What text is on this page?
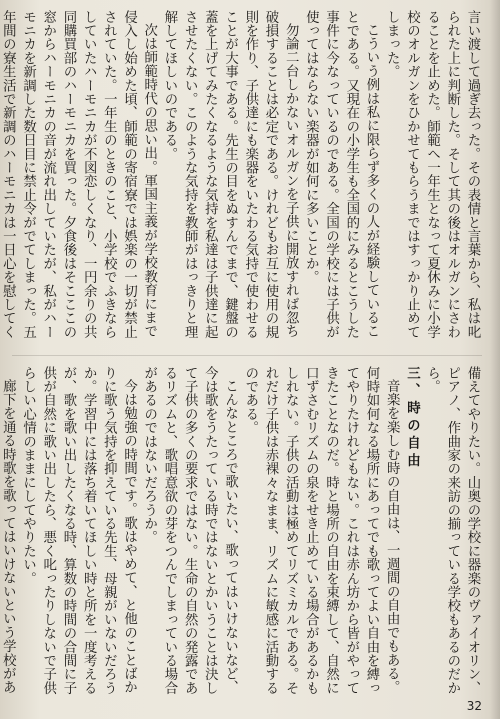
言い渡して過ぎ去った。その表情と言葉から、私は叱られた上に判断した。そして其の後はオルガンにさわることを止めた。師範へ一年生となって夏休みに小学校のオルガンをひかせてもらうまではすっかり止めてしまった。

こういう例は私に限らず多くの人が経験していることである。又現在の小学生も全国的にみるとこうした事件に今なっているのである。全国の学校には子供が使ってはならない楽器が如何に多いことか。

勿論二台しかないオルガンを子供に開放すれば忽ち破損することは必定である。けれどもお互に使用の規則を作り、子供達にも楽器をいたわる気持で使わせることが大事である。先生の目をぬすんでまで、鍵盤の蓋を上げてみたくなるような気持を私達は子供達に起させたくない。このような気持を教師がはっきりと理解してほしいのである。

次は師範時代の思い出。軍国主義が学校教育にまで侵入し始めた頃、師範の寄宿寮では娯楽の一切が禁止されていた。一年生のときのこと、小学校でふきならしていたハーモニカが不図恋しくなり、一円余りの共同購買部のハーモニカを買った。夕食後はそこここの窓からハーモニカの音が流れ出していたが、私がハーモニカを新調した数日目に禁止令がでてしまった。五年間の寮生活で新調のハーモニカは一日心を慰してく

備えてやりたい。山奥の学校に器楽のヴァイオリン、ピアノ、作曲家の来訪の揃っている学校もあるのだから。

三、時の自由

音楽を楽しむ時の自由は、一週間の自由でもある。何時如何なる場所にあってでも歌ってよい自由を縛ってやりたけれどもない。これは赤ん坊から皆がやってきたことなのだ。時と場所の自由を束縛して、自然に口ずさむリズムの泉をせき止めている場合があるかもしれない。子供の活動は極めてリズミカルである。それだけ子供は赤裸々なまま、リズムに敏感に活動するのである。

こんなところで歌いたい、歌ってはいけないなど、今は歌をうたっている時ではないとかいうことは決して子供の多くの要求ではない。生命の自然の発露であるリズムと、歌唱意欲の芽をつんでしまっている場合があるのではないだろうか。

今は勉強の時間です。歌はやめて、と他のことばかりに歌う気持を抑えている先生、母親がいないだろうか。学習中には落ち着いてほしい時と所を一度考えるが、歌を歌い出したくなる時、算数の時間の合間に子供が自然に歌い出したら、悪く叱ったりしないで子供らしい心情のままにしてやりたい。

廊下を通る時歌を歌ってはいけないという学校があ

32
